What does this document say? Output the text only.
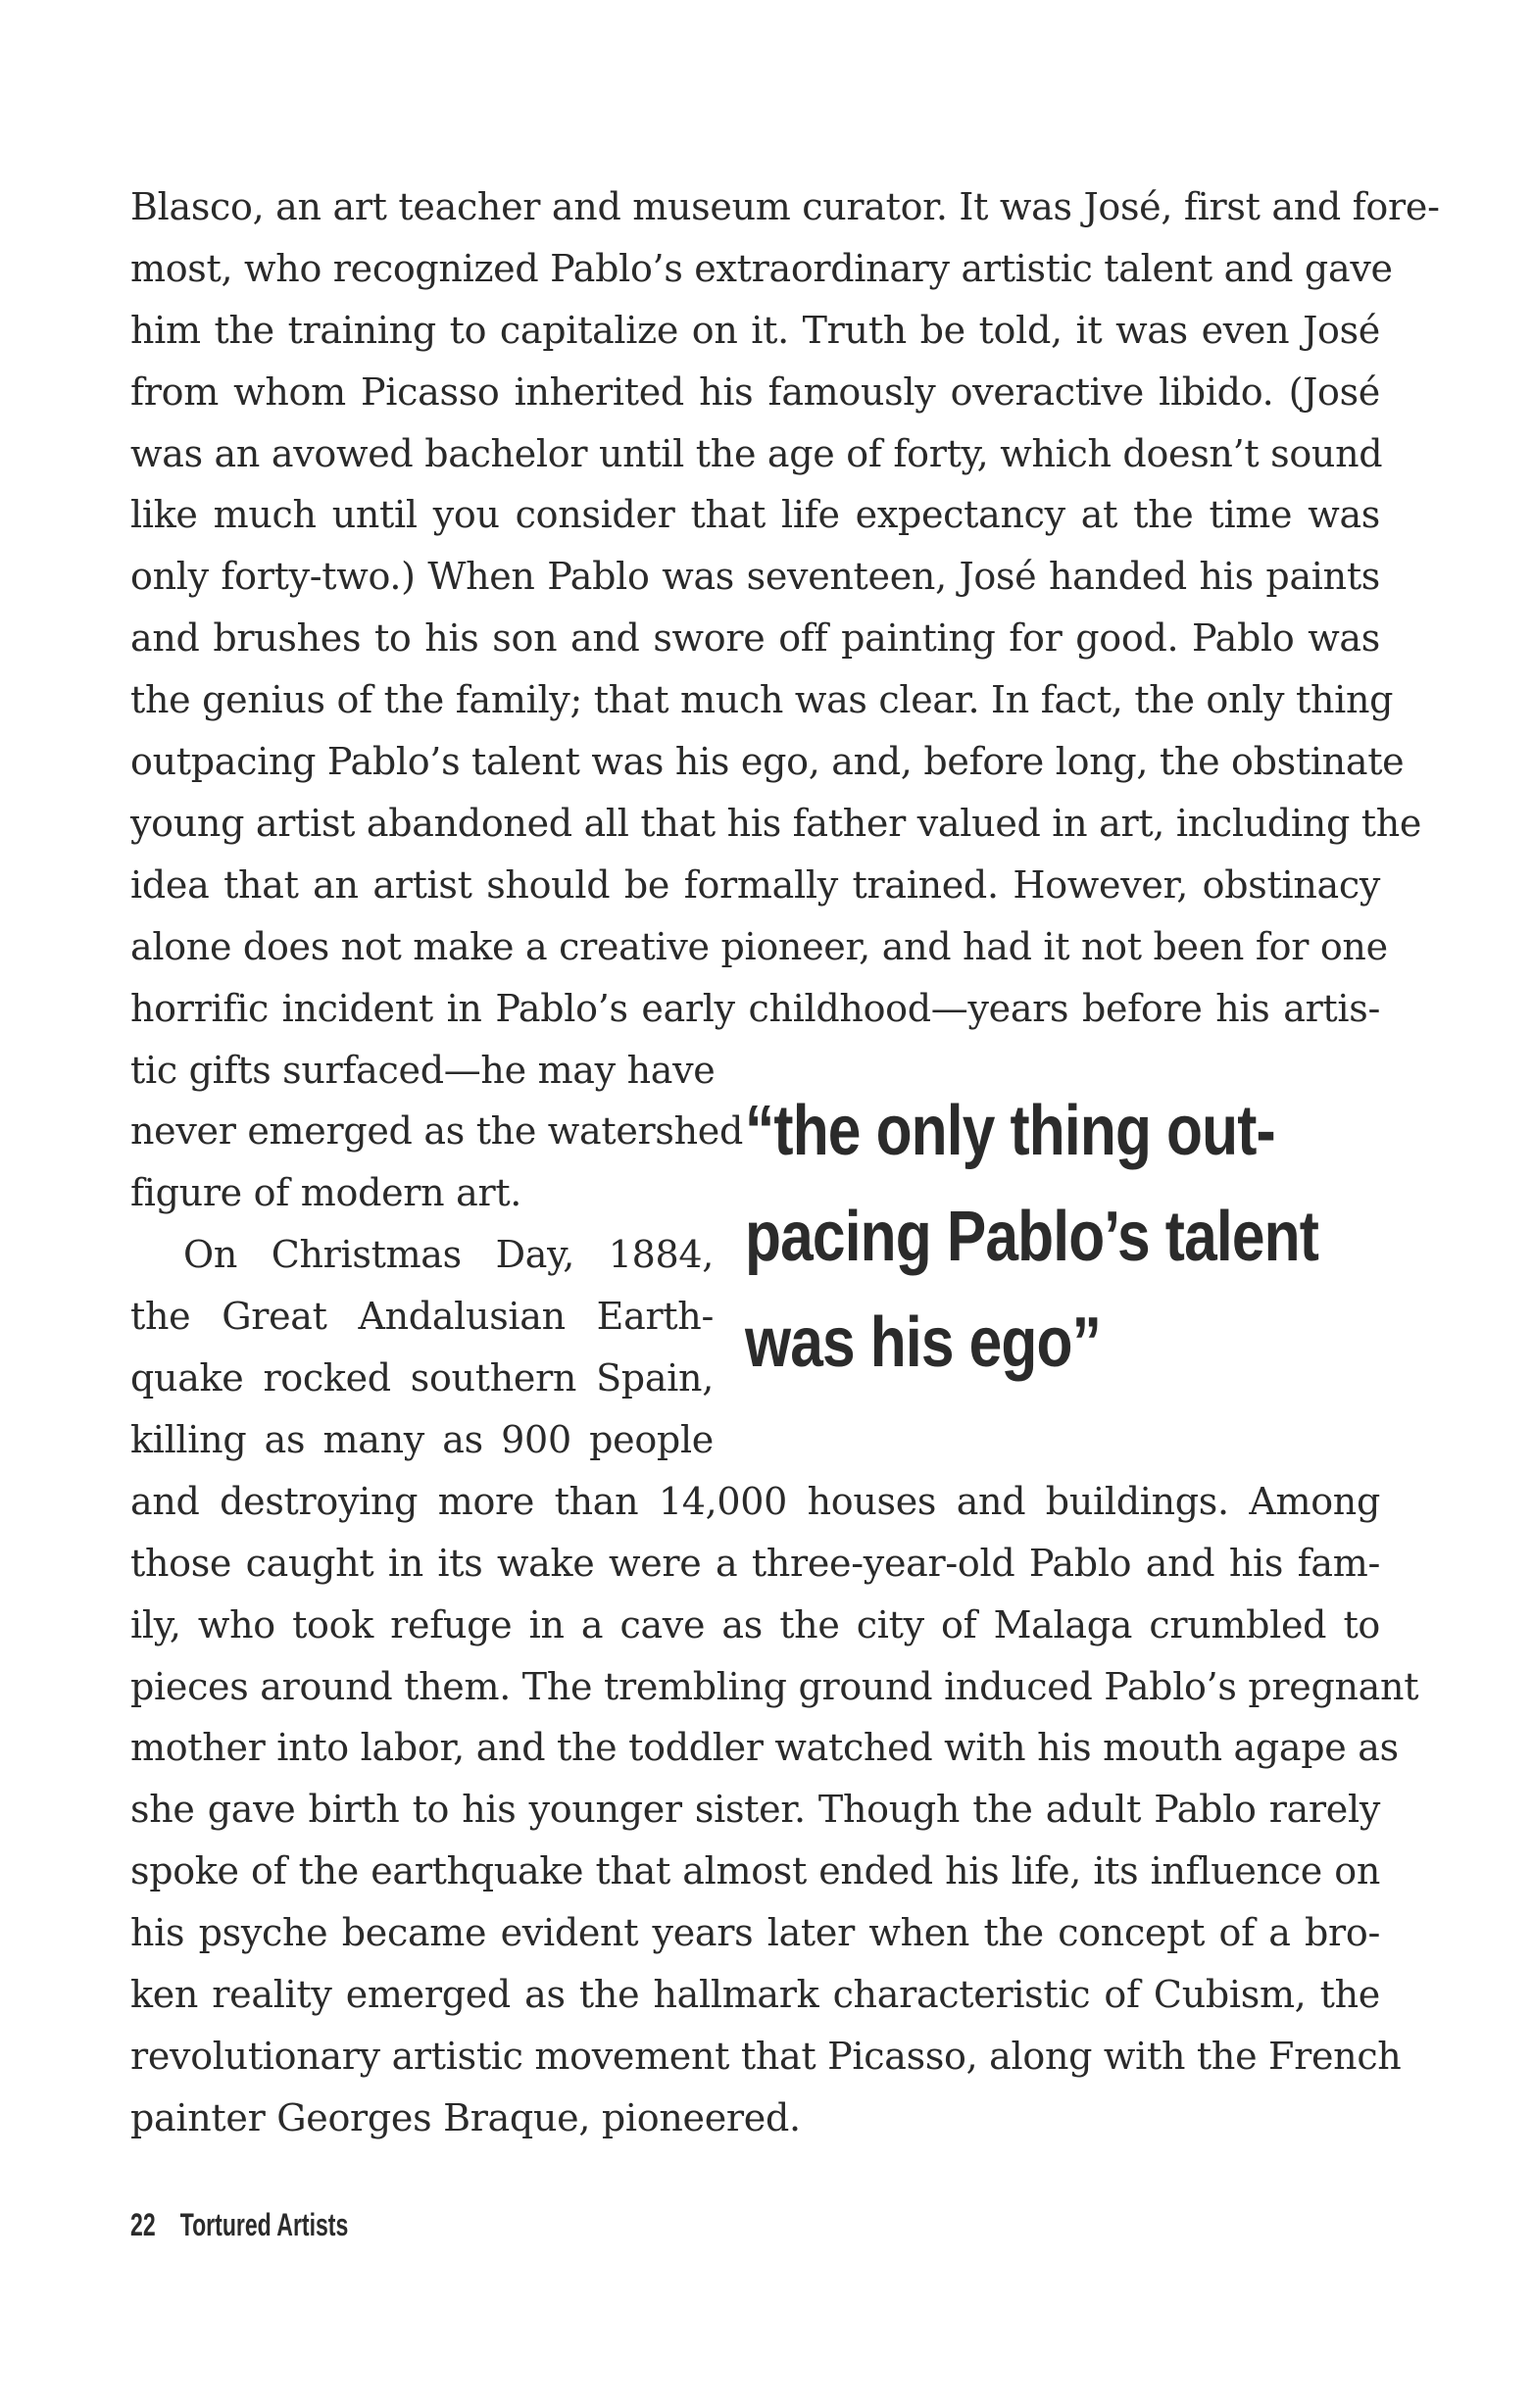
Blasco, an art teacher and museum curator. It was José, first and fore-
most, who recognized Pablo’s extraordinary artistic talent and gave
him the training to capitalize on it. Truth be told, it was even José
from whom Picasso inherited his famously overactive libido. (José
was an avowed bachelor until the age of forty, which doesn’t sound
like much until you consider that life expectancy at the time was
only forty-two.) When Pablo was seventeen, José handed his paints
and brushes to his son and swore off painting for good. Pablo was
the genius of the family; that much was clear. In fact, the only thing
outpacing Pablo’s talent was his ego, and, before long, the obstinate
young artist abandoned all that his father valued in art, including the
idea that an artist should be formally trained. However, obstinacy
alone does not make a creative pioneer, and had it not been for one
horrific incident in Pablo’s early childhood—years before his artis-
tic gifts surfaced—he may have
never emerged as the watershed
figure of modern art.
On Christmas Day, 1884,
the Great Andalusian Earth-
quake rocked southern Spain,
killing as many as 900 people
“the only thing out-
pacing Pablo’s talent
was his ego”
and destroying more than 14,000 houses and buildings. Among
those caught in its wake were a three-year-old Pablo and his fam-
ily, who took refuge in a cave as the city of Malaga crumbled to
pieces around them. The trembling ground induced Pablo’s pregnant
mother into labor, and the toddler watched with his mouth agape as
she gave birth to his younger sister. Though the adult Pablo rarely
spoke of the earthquake that almost ended his life, its influence on
his psyche became evident years later when the concept of a bro-
ken reality emerged as the hallmark characteristic of Cubism, the
revolutionary artistic movement that Picasso, along with the French
painter Georges Braque, pioneered.
22 Tortured Artists
